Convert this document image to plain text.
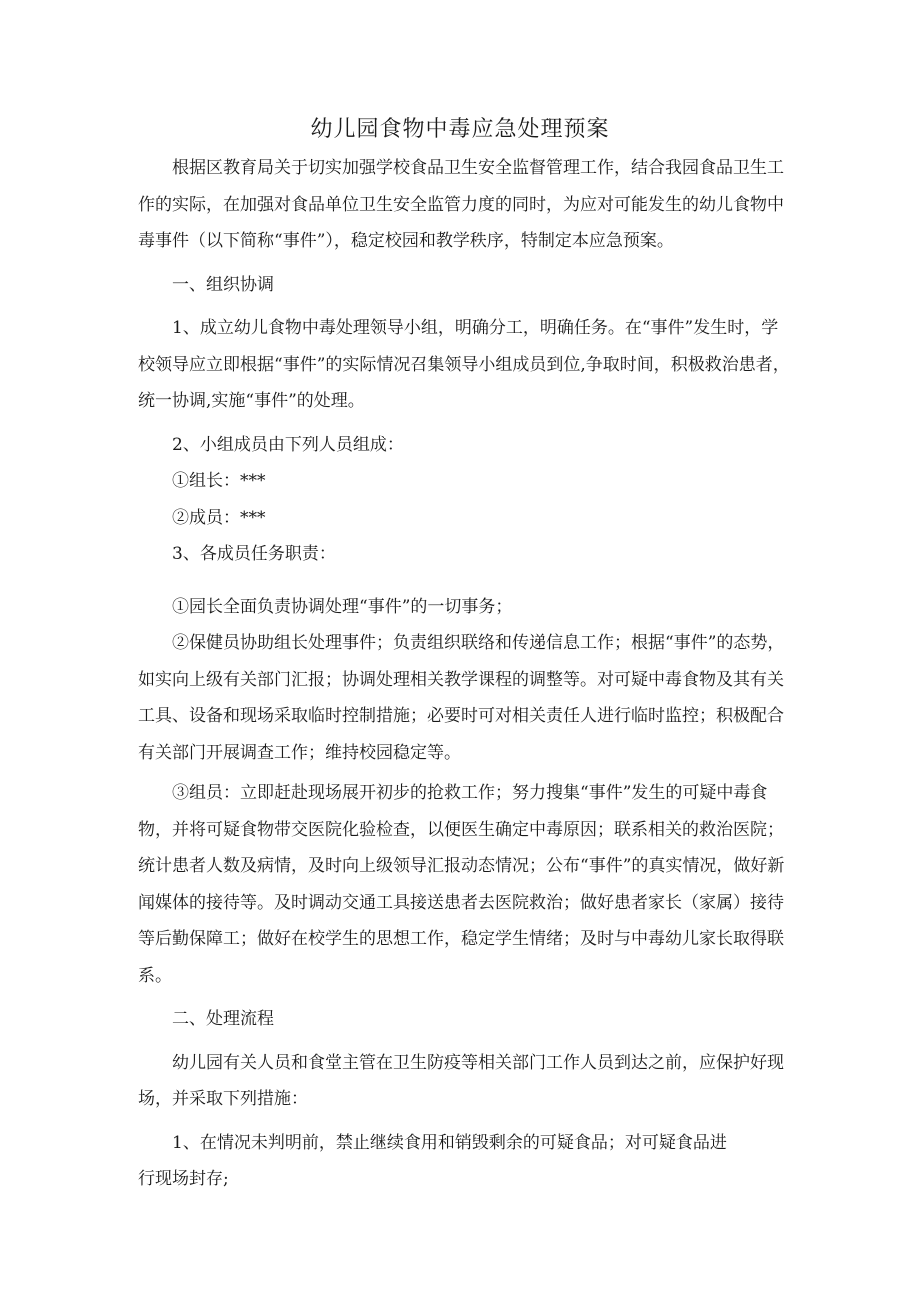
幼儿园食物中毒应急处理预案

根据区教育局关于切实加强学校食品卫生安全监督管理工作，结合我园食品卫生工作的实际，在加强对食品单位卫生安全监管力度的同时，为应对可能发生的幼儿食物中毒事件（以下简称“事件”），稳定校园和教学秩序，特制定本应急预案。

一、组织协调

1、成立幼儿食物中毒处理领导小组，明确分工，明确任务。在“事件”发生时，学校领导应立即根据“事件”的实际情况召集领导小组成员到位,争取时间，积极救治患者，统一协调,实施“事件”的处理。

2、小组成员由下列人员组成：

①组长：***

②成员：***

3、各成员任务职责：

①园长全面负责协调处理“事件”的一切事务；

②保健员协助组长处理事件；负责组织联络和传递信息工作；根据“事件”的态势，如实向上级有关部门汇报；协调处理相关教学课程的调整等。对可疑中毒食物及其有关工具、设备和现场采取临时控制措施；必要时可对相关责任人进行临时监控；积极配合有关部门开展调查工作；维持校园稳定等。

③组员：立即赶赴现场展开初步的抢救工作；努力搜集“事件”发生的可疑中毒食物，并将可疑食物带交医院化验检查，以便医生确定中毒原因；联系相关的救治医院；统计患者人数及病情，及时向上级领导汇报动态情况；公布“事件”的真实情况，做好新闻媒体的接待等。及时调动交通工具接送患者去医院救治；做好患者家长（家属）接待等后勤保障工；做好在校学生的思想工作，稳定学生情绪；及时与中毒幼儿家长取得联系。

二、处理流程

幼儿园有关人员和食堂主管在卫生防疫等相关部门工作人员到达之前，应保护好现场，并采取下列措施：

1、在情况未判明前，禁止继续食用和销毁剩余的可疑食品；对可疑食品进

行现场封存;
